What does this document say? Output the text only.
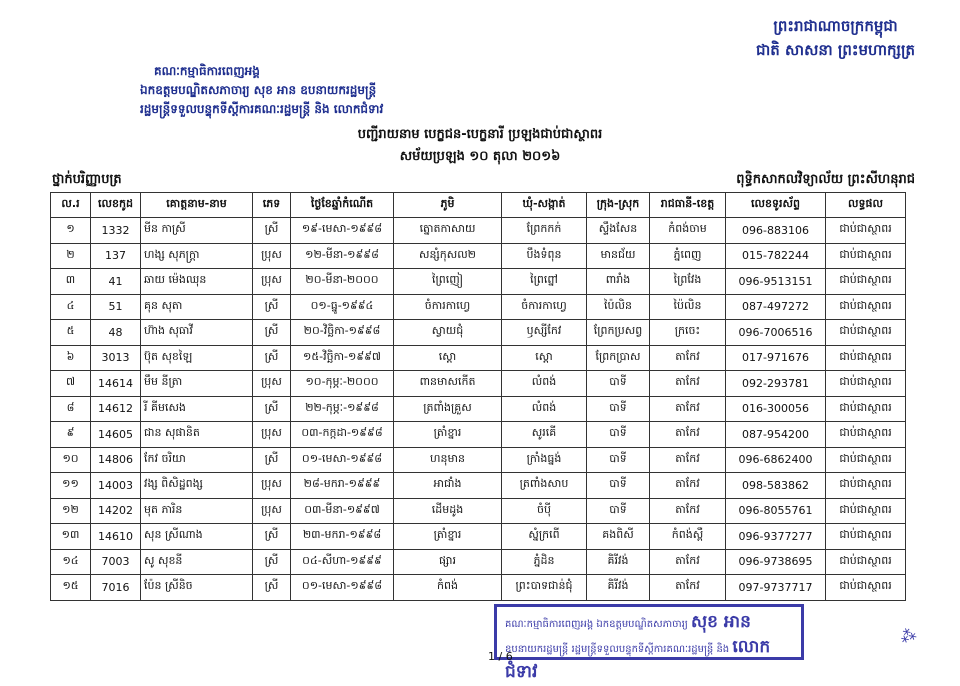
ព្រះរាជាណាចក្រកម្ពុជា
ជាតិ សាសនា ព្រះមហាក្សត្រ
គណៈកម្មាធិការពេញអង្គ
ឯកឧត្តមបណ្ឌិតសភាចារ្យ សុខ អាន ឧបនាយករដ្ឋមន្ត្រី
រដ្ឋមន្ត្រីទទួលបន្ទុកទីស្តីការគណៈរដ្ឋមន្ត្រី និង លោកជំទាវ
បញ្ជីរាយនាម បេក្ខជន-បេក្ខនារី ប្រឡងជាប់ជាស្ថាពរ
សម័យប្រឡង ១០ តុលា ២០១៦
ថ្នាក់បរិញ្ញាបត្រ	ពុទ្ធិកសាកលវិទ្យាល័យ ព្រះសីហនុរាជ
ល.រ	លេខកូដ	គោត្តនាម-នាម	ភេទ	ថ្ងៃខែឆ្នាំកំណើត	ភូមិ	ឃុំ-សង្កាត់	ក្រុង-ស្រុក	រាជធានី-ខេត្ត	លេខទូរស័ព្ទ	លទ្ធផល
១	1332	មីន កាស្រី	ស្រី	១៩-មេសា-១៩៩៨	ត្នោតកាសាយ	ព្រែកកក់	ស្ទឹងសែន	កំពង់ចាម	096-883106	ជាប់ជាស្ថាពរ
២	137	ហង្ស សុភក្ត្រា	ប្រុស	១២-មីនា-១៩៩៨	សន្សំកុសល២	បឹងទំពុន	មានជ័យ	ភ្នំពេញ	015-782244	ជាប់ជាស្ថាពរ
៣	41	ឆាយ ម៉េងឈុន	ប្រុស	២០-មីនា-២០០០	ព្រៃញៀ	ព្រៃព្នៅ	ពារាំង	ព្រៃវែង	096-9513151	ជាប់ជាស្ថាពរ
៤	51	គុន សុតា	ស្រី	០១-ធ្នូ-១៩៩៤	ចំការកាហ្វេ	ចំការកាហ្វេ	ប៉ៃលិន	ប៉ៃលិន	087-497272	ជាប់ជាស្ថាពរ
៥	48	ហ៊ាង សុធាវី	ស្រី	២០-វិច្ឆិកា-១៩៩៨	ស្វាយជុំ	ឫស្សីកែវ	ព្រែកប្រសព្វ	ក្រចេះ	096-7006516	ជាប់ជាស្ថាពរ
៦	3013	ប៊ុត សុខឡៃ	ស្រី	១៥-វិច្ឆិកា-១៩៩៧	ស្តោ	ស្តោ	ព្រែកប្រាស	តាកែវ	017-971676	ជាប់ជាស្ថាពរ
៧	14614	មឹម នីត្រា	ប្រុស	១០-កុម្ភៈ-២០០០	ពានមាសកើត	លំពង់	បាទី	តាកែវ	092-293781	ជាប់ជាស្ថាពរ
៨	14612	រី គីមសេង	ស្រី	២២-កុម្ភៈ-១៩៩៨	ត្រពាំងគ្រួស	លំពង់	បាទី	តាកែវ	016-300056	ជាប់ជាស្ថាពរ
៩	14605	ជាន សុផានិត	ប្រុស	០៣-កក្កដា-១៩៩៨	ត្រាំខ្នារ	សូរគើ	បាទី	តាកែវ	087-954200	ជាប់ជាស្ថាពរ
១០	14806	កែវ ចរិយា	ស្រី	០១-មេសា-១៩៩៨	ហនុមាន	ក្រាំងធ្នង់	បាទី	តាកែវ	096-6862400	ជាប់ជាស្ថាពរ
១១	14003	វង្ស ពិសិដ្ឋពង្ស	ប្រុស	២៨-មករា-១៩៩៩	អាជាំង	ត្រពាំងសាប	បាទី	តាកែវ	098-583862	ជាប់ជាស្ថាពរ
១២	14202	មុត ភារិន	ប្រុស	០៣-មីនា-១៩៩៧	ដើមដូង	ចំប៉ី	បាទី	តាកែវ	096-8055761	ជាប់ជាស្ថាពរ
១៣	14610	សុន ស្រីណាង	ស្រី	២៣-មករា-១៩៩៨	ត្រាំខ្នារ	ស្នំក្រពើ	គងពិសី	កំពង់ស្ពឺ	096-9377277	ជាប់ជាស្ថាពរ
១៤	7003	សូ សុខនី	ស្រី	០៤-សីហា-១៩៩៩	ផ្សារ	ភ្នំដិន	គិរីវង់	តាកែវ	096-9738695	ជាប់ជាស្ថាពរ
១៥	7016	ប៉ែន ស្រីនិច	ស្រី	០១-មេសា-១៩៩៨	កំពង់	ព្រះបាទជាន់ជុំ	គិរីវង់	តាកែវ	097-9737717	ជាប់ជាស្ថាពរ
គណៈកម្មាធិការពេញអង្គ ឯកឧត្តមបណ្ឌិតសភាចារ្យ សុខ អាន
ឧបនាយករដ្ឋមន្ត្រី រដ្ឋមន្ត្រីទទួលបន្ទុកទីស្តីការគណៈរដ្ឋមន្ត្រី និង លោកជំទាវ
1 / 6
⁂
